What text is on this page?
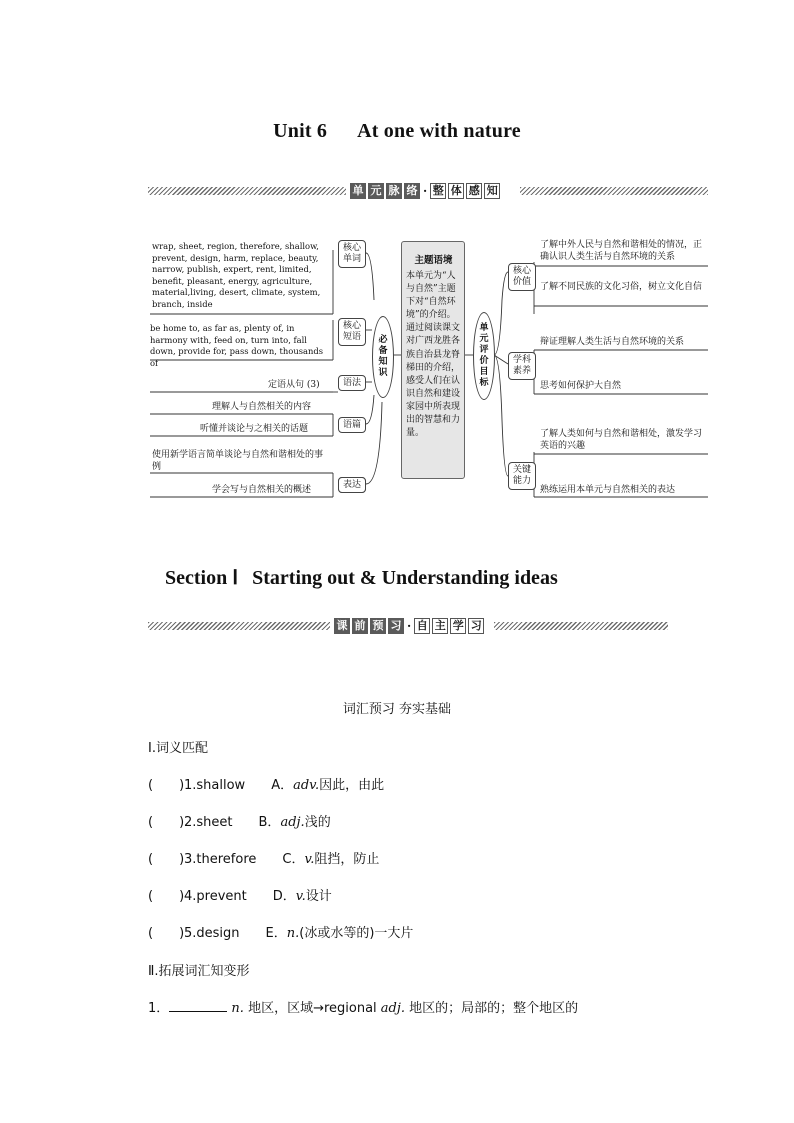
Unit 6 At one with nature
单 元 脉 络 · 整 体 感 知
wrap, sheet, region, therefore, shallow, prevent, design, harm, replace, beauty, narrow, publish, expert, rent, limited, benefit, pleasant, energy, agriculture, material,living, desert, climate, system, branch, inside
be home to, as far as, plenty of, in harmony with, feed on, turn into, fall down, provide for, pass down, thousands of
定语从句 (3)
理解人与自然相关的内容
听懂并谈论与之相关的话题
使用新学语言简单谈论与自然和谐相处的事例
学会写与自然相关的概述
核心单词
核心短语
语法
语篇
表达
必备知识
主题语境
本单元为“人与自然”主题下对“自然环境”的介绍。通过阅读课文对广西龙胜各族自治县龙脊梯田的介绍，感受人们在认识自然和建设家园中所表现出的智慧和力量。
单元评价目标
核心价值
学科素养
关键能力
了解中外人民与自然和谐相处的情况，正确认识人类生活与自然环境的关系
了解不同民族的文化习俗，树立文化自信
辩证理解人类生活与自然环境的关系
思考如何保护大自然
了解人类如何与自然和谐相处，激发学习英语的兴趣
熟练运用本单元与自然相关的表达
Section Ⅰ Starting out & Understanding ideas
课 前 预 习 · 自 主 学 习
词汇预习 夯实基础
Ⅰ.词义匹配
(　　)1.shallow A．adv.因此，由此
(　　)2.sheet B．adj.浅的
(　　)3.therefore C．v.阻挡，防止
(　　)4.prevent D．v.设计
(　　)5.design E．n.(冰或水等的)一大片
Ⅱ.拓展词汇知变形
1．	n. 地区，区域→regional adj. 地区的；局部的；整个地区的
